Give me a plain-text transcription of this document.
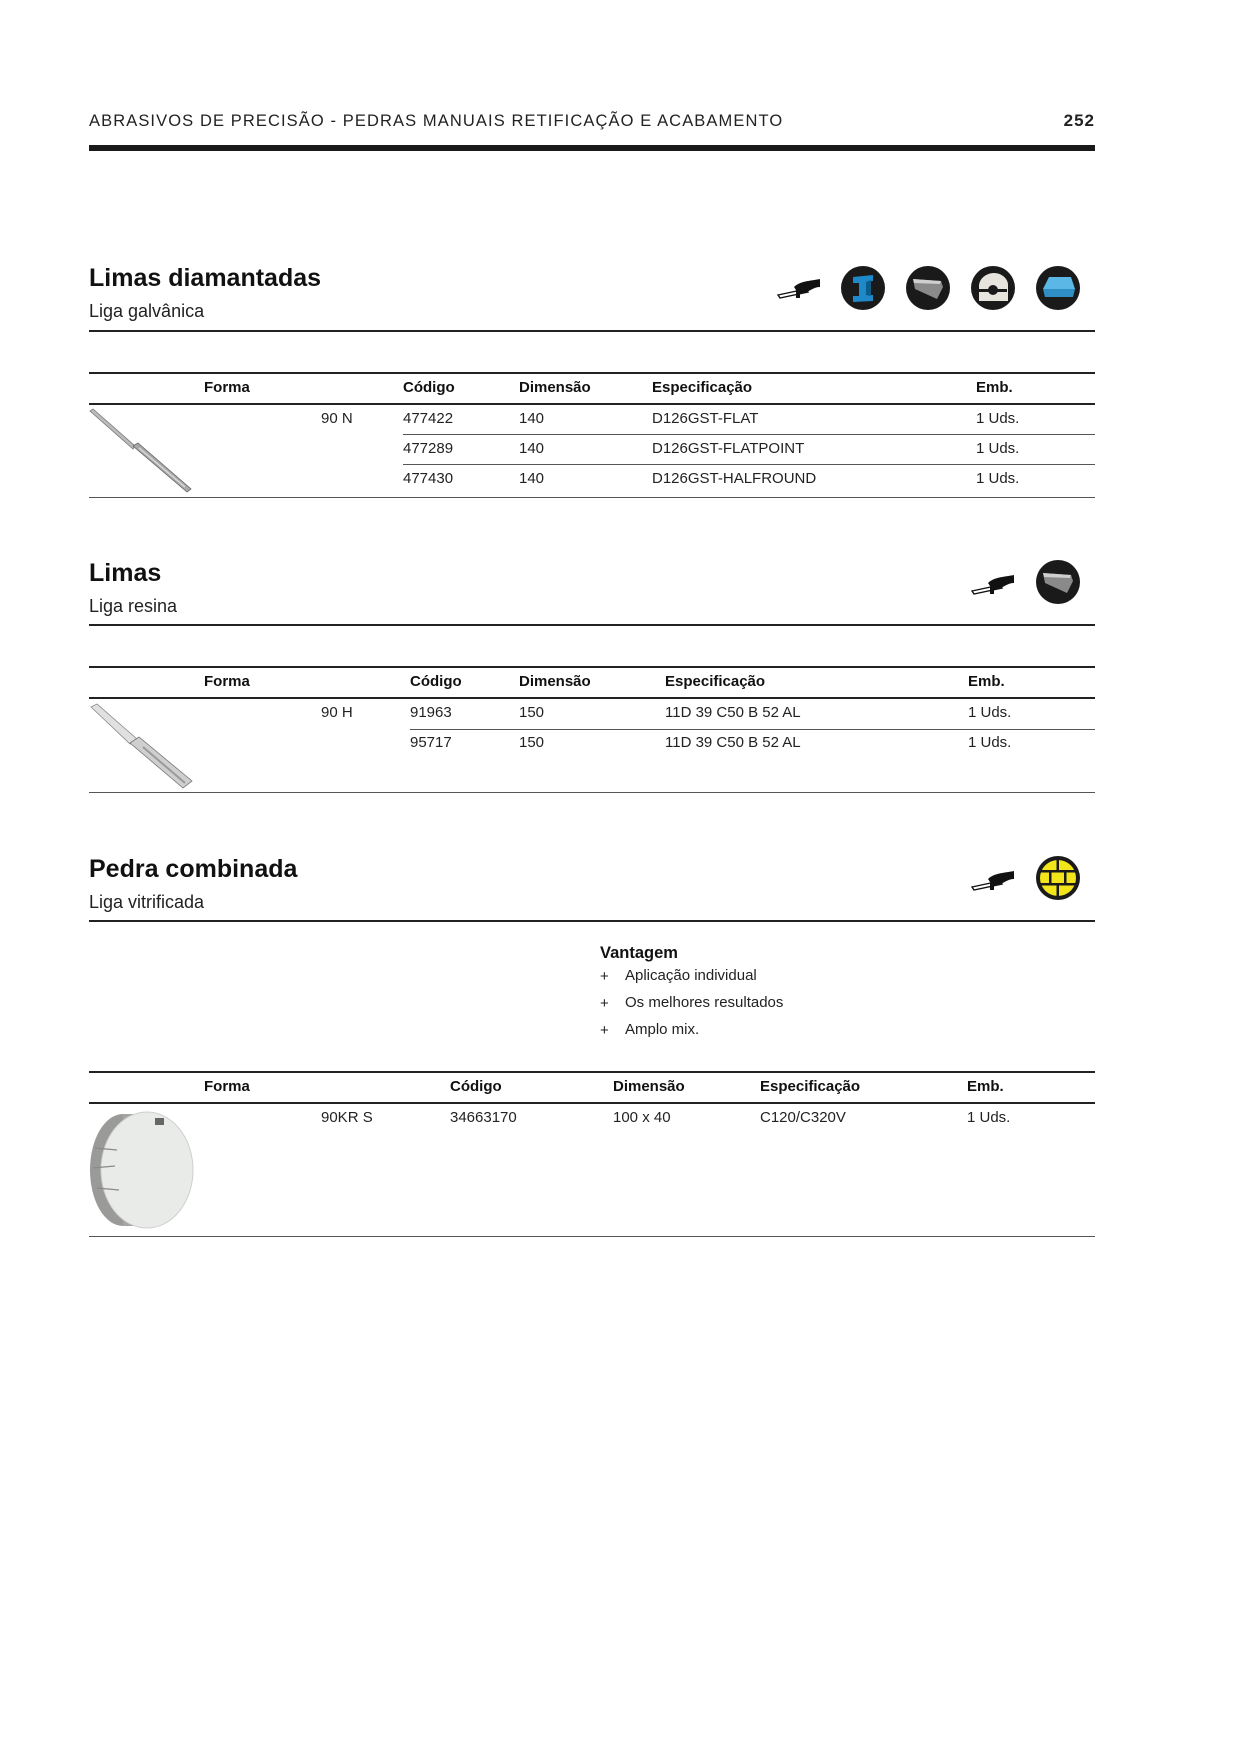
ABRASIVOS DE PRECISÃO - PEDRAS MANUAIS RETIFICAÇÃO E ACABAMENTO	252
Limas diamantadas
Liga galvânica
Forma	Código	Dimensão	Especificação	Emb.
90 N	477422	140	D126GST-FLAT	1 Uds.
477289	140	D126GST-FLATPOINT	1 Uds.
477430	140	D126GST-HALFROUND	1 Uds.
Limas
Liga resina
Forma	Código	Dimensão	Especificação	Emb.
90 H	91963	150	11D 39 C50 B 52 AL	1 Uds.
95717	150	11D 39 C50 B 52 AL	1 Uds.
Pedra combinada
Liga vitrificada
Vantagem
+ Aplicação individual
+ Os melhores resultados
+ Amplo mix.
Forma	Código	Dimensão	Especificação	Emb.
90KR S	34663170	100 x 40	C120/C320V	1 Uds.
